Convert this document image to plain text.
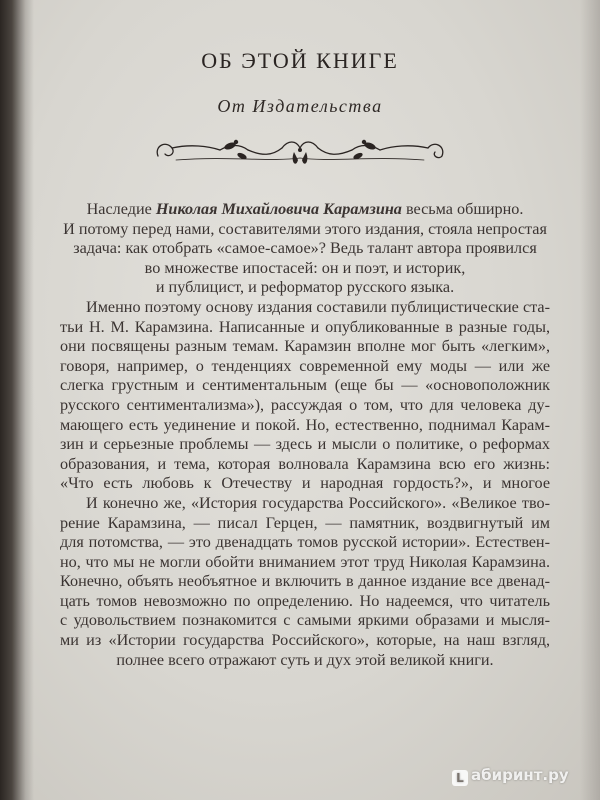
ОБ ЭТОЙ КНИГЕ
От Издательства
Наследие Николая Михайловича Карамзина весьма обширно.
И потому перед нами, составителями этого издания, стояла непростая
задача: как отобрать «самое-самое»? Ведь талант автора проявился
во множестве ипостасей: он и поэт, и историк,
и публицист, и реформатор русского языка.
Именно поэтому основу издания составили публицистические ста-
тьи Н. М. Карамзина. Написанные и опубликованные в разные годы,
они посвящены разным темам. Карамзин вполне мог быть «легким»,
говоря, например, о тенденциях современной ему моды — или же
слегка грустным и сентиментальным (еще бы — «основоположник
русского сентиментализма»), рассуждая о том, что для человека ду-
мающего есть уединение и покой. Но, естественно, поднимал Карам-
зин и серьезные проблемы — здесь и мысли о политике, о реформах
образования, и тема, которая волновала Карамзина всю его жизнь:
«Что есть любовь к Отечеству и народная гордость?», и многое
И конечно же, «История государства Российского». «Великое тво-
рение Карамзина, — писал Герцен, — памятник, воздвигнутый им
для потомства, — это двенадцать томов русской истории». Естествен-
но, что мы не могли обойти вниманием этот труд Николая Карамзина.
Конечно, объять необъятное и включить в данное издание все двенад-
цать томов невозможно по определению. Но надеемся, что читатель
с удовольствием познакомится с самыми яркими образами и мысля-
ми из «Истории государства Российского», которые, на наш взгляд,
полнее всего отражают суть и дух этой великой книги.
L абиринт.ру
